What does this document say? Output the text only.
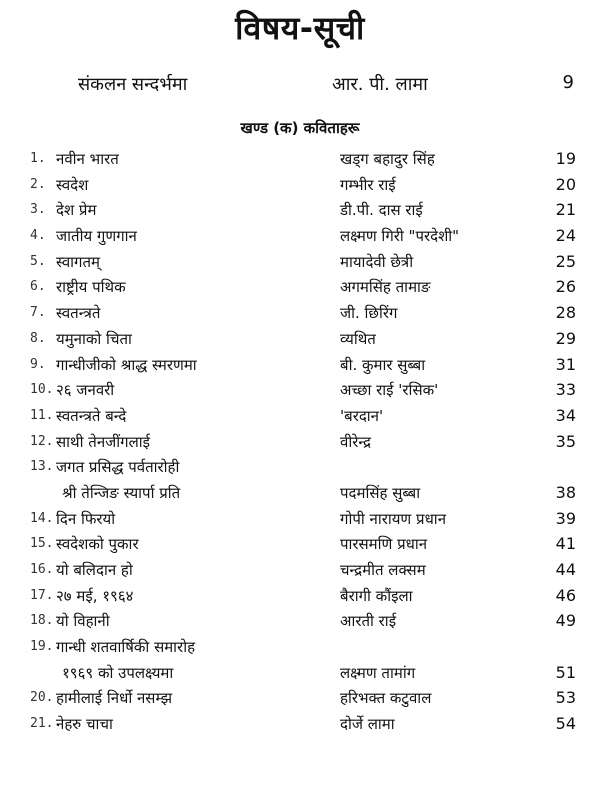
विषय-सूची
संकलन सन्दर्भमा	आर. पी. लामा	9
खण्ड (क) कविताहरू
1. नवीन भारत	खड्ग बहादुर सिंह	19
2. स्वदेश	गम्भीर राई	20
3. देश प्रेम	डी.पी. दास राई	21
4. जातीय गुणगान	लक्ष्मण गिरी "परदेशी"	24
5. स्वागतम्	मायादेवी छेत्री	25
6. राष्ट्रीय पथिक	अगमसिंह तामाङ	26
7. स्वतन्त्रते	जी. छिरिंग	28
8. यमुनाको चिता	व्यथित	29
9. गान्धीजीको श्राद्ध स्मरणमा	बी. कुमार सुब्बा	31
10. २६ जनवरी	अच्छा राई 'रसिक'	33
11. स्वतन्त्रते बन्दे	'बरदान'	34
12. साथी तेनजींगलाई	वीरेन्द्र	35
13. जगत प्रसिद्ध पर्वतारोही
श्री तेन्जिङ स्यार्पा प्रति	पदमसिंह सुब्बा	38
14. दिन फिरयो	गोपी नारायण प्रधान	39
15. स्वदेशको पुकार	पारसमणि प्रधान	41
16. यो बलिदान हो	चन्द्रमीत लक्सम	44
17. २७ मई, १९६४	बैरागी कौंइला	46
18. यो विहानी	आरती राई	49
19. गान्धी शतवार्षिकी समारोह
१९६९ को उपलक्ष्यमा	लक्ष्मण तामांग	51
20. हामीलाई निर्धो नसम्झ	हरिभक्त कटुवाल	53
21. नेहरु चाचा	दोर्जे लामा	54
